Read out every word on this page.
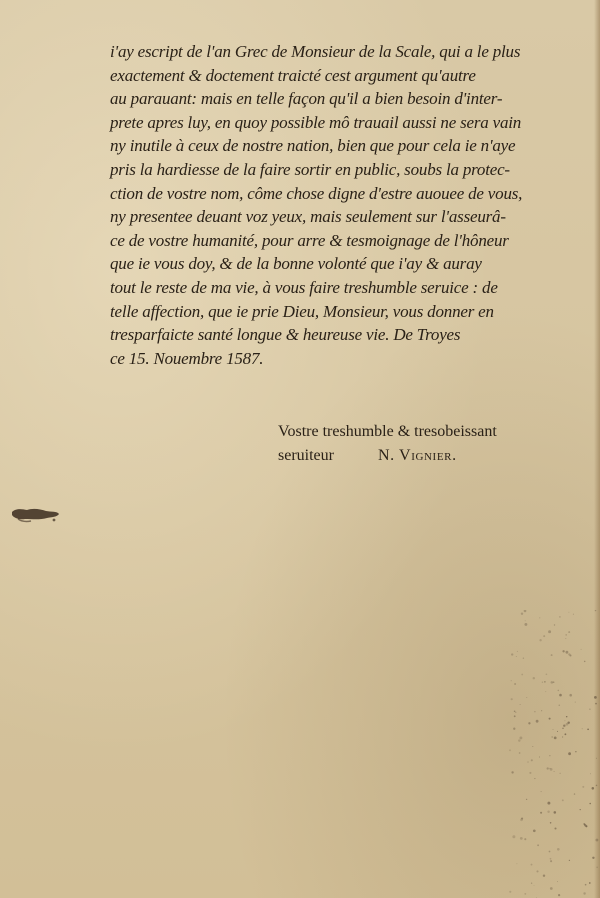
i'ay escript de l'an Grec de Monsieur de la Scale, qui a le plus
exactement & doctement traicté cest argument qu'autre
au parauant: mais en telle façon qu'il a bien besoin d'inter-
prete apres luy, en quoy possible mô trauail aussi ne sera vain
ny inutile à ceux de nostre nation, bien que pour cela ie n'aye
pris la hardiesse de la faire sortir en public, soubs la protec-
ction de vostre nom, côme chose digne d'estre auouee de vous,
ny presentee deuant voz yeux, mais seulement sur l'asseurâ-
ce de vostre humanité, pour arre & tesmoignage de l'hôneur
que ie vous doy, & de la bonne volonté que i'ay & auray
tout le reste de ma vie, à vous faire treshumble seruice : de
telle affection, que ie prie Dieu, Monsieur, vous donner en
tresparfaicte santé longue & heureuse vie. De Troyes
ce 15. Nouembre 1587.
Vostre treshumble & tresobeissant
seruiteur	N. Vignier.
